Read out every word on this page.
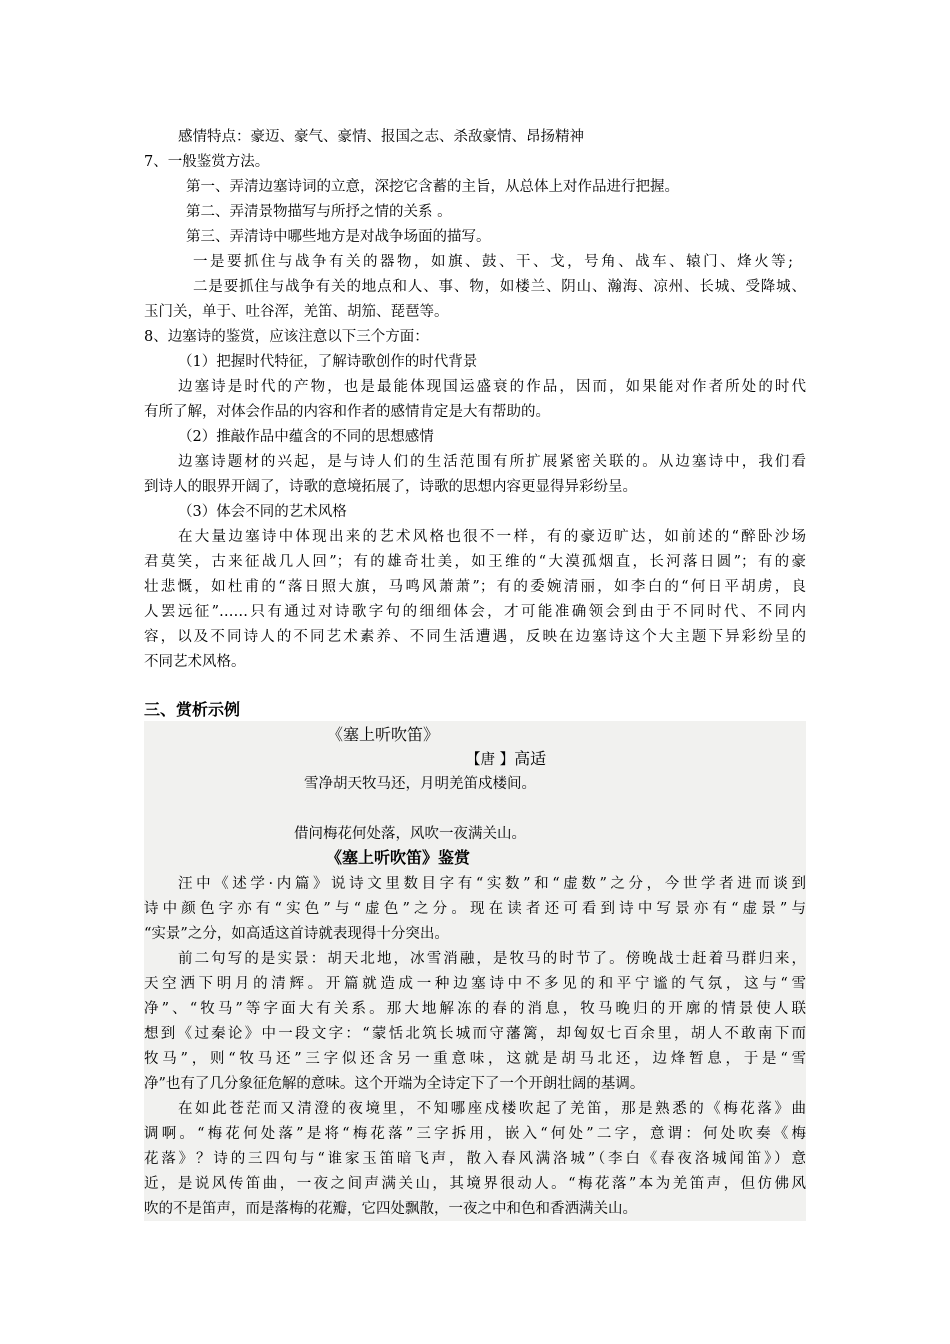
感情特点：豪迈、豪气、豪情、报国之志、杀敌豪情、昂扬精神
7、一般鉴赏方法。
第一、弄清边塞诗词的立意，深挖它含蓄的主旨，从总体上对作品进行把握。
第二、弄清景物描写与所抒之情的关系 。
第三、弄清诗中哪些地方是对战争场面的描写。
一是要抓住与战争有关的器物，如旗、鼓、干、戈，号角、战车、辕门、烽火等;
二是要抓住与战争有关的地点和人、事、物，如楼兰、阴山、瀚海、凉州、长城、受降城、
玉门关，单于、吐谷浑，羌笛、胡笳、琵琶等。
8、边塞诗的鉴赏，应该注意以下三个方面：
（1）把握时代特征，了解诗歌创作的时代背景
边塞诗是时代的产物，也是最能体现国运盛衰的作品，因而，如果能对作者所处的时代
有所了解，对体会作品的内容和作者的感情肯定是大有帮助的。
（2）推敲作品中蕴含的不同的思想感情
边塞诗题材的兴起，是与诗人们的生活范围有所扩展紧密关联的。从边塞诗中，我们看
到诗人的眼界开阔了，诗歌的意境拓展了，诗歌的思想内容更显得异彩纷呈。
（3）体会不同的艺术风格
在大量边塞诗中体现出来的艺术风格也很不一样，有的豪迈旷达，如前述的“醉卧沙场
君莫笑，古来征战几人回”；有的雄奇壮美，如王维的“大漠孤烟直，长河落日圆”；有的豪
壮悲慨，如杜甫的“落日照大旗，马鸣风萧萧”；有的委婉清丽，如李白的“何日平胡虏，良
人罢远征”……只有通过对诗歌字句的细细体会，才可能准确领会到由于不同时代、不同内
容，以及不同诗人的不同艺术素养、不同生活遭遇，反映在边塞诗这个大主题下异彩纷呈的
不同艺术风格。
三、赏析示例
《塞上听吹笛》
【唐 】高适
雪净胡天牧马还，月明羌笛戍楼间。
借问梅花何处落，风吹一夜满关山。
《塞上听吹笛》鉴赏
汪中《述学·内篇》说诗文里数目字有“实数”和“虚数”之分，今世学者进而谈到
诗中颜色字亦有“实色”与“虚色”之分。现在读者还可看到诗中写景亦有“虚景”与
“实景”之分，如高适这首诗就表现得十分突出。
前二句写的是实景：胡天北地，冰雪消融，是牧马的时节了。傍晚战士赶着马群归来，
天空洒下明月的清辉。开篇就造成一种边塞诗中不多见的和平宁谧的气氛，这与“雪
净”、“牧马”等字面大有关系。那大地解冻的春的消息，牧马晚归的开廓的情景使人联
想到《过秦论》中一段文字：“蒙恬北筑长城而守藩篱，却匈奴七百余里，胡人不敢南下而
牧马”，则“牧马还”三字似还含另一重意味，这就是胡马北还，边烽暂息，于是“雪
净”也有了几分象征危解的意味。这个开端为全诗定下了一个开朗壮阔的基调。
在如此苍茫而又清澄的夜境里，不知哪座戍楼吹起了羌笛，那是熟悉的《梅花落》曲
调啊。“梅花何处落”是将“梅花落”三字拆用，嵌入“何处”二字，意谓：何处吹奏《梅
花落》？诗的三四句与“谁家玉笛暗飞声，散入春风满洛城”（李白《春夜洛城闻笛》）意
近，是说风传笛曲，一夜之间声满关山，其境界很动人。“梅花落”本为羌笛声，但仿佛风
吹的不是笛声，而是落梅的花瓣，它四处飘散，一夜之中和色和香洒满关山。
